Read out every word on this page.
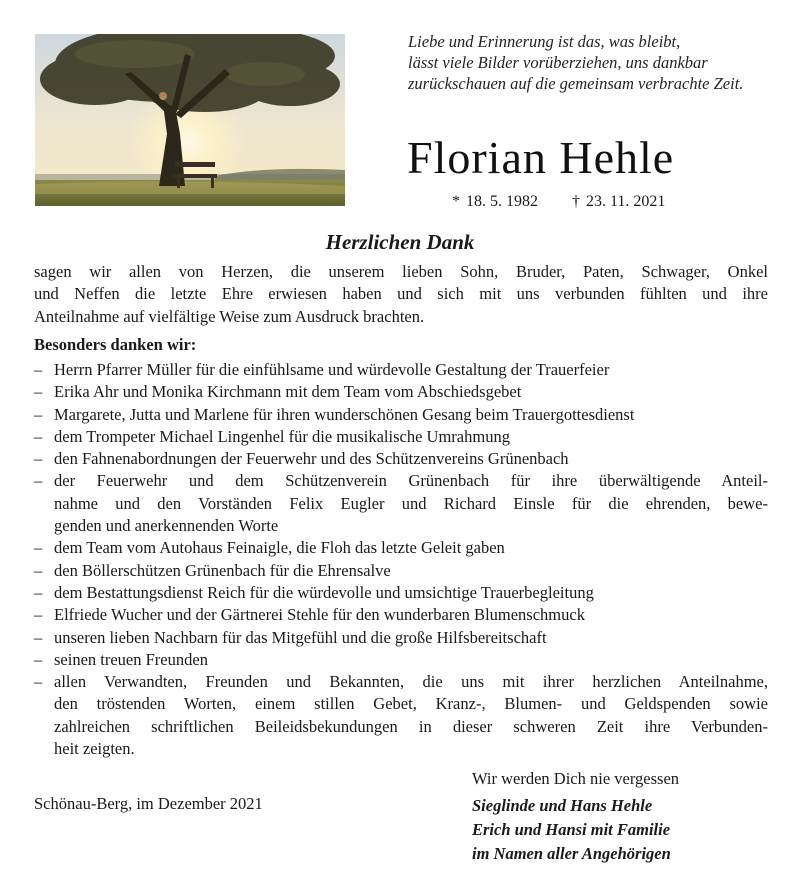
Liebe und Erinnerung ist das, was bleibt,
lässt viele Bilder vorüberziehen, uns dankbar
zurückschauen auf die gemeinsam verbrachte Zeit.
Florian Hehle
* 18. 5. 1982 † 23. 11. 2021
Herzlichen Dank
sagen wir allen von Herzen, die unserem lieben Sohn, Bruder, Paten, Schwager, Onkel
und Neffen die letzte Ehre erwiesen haben und sich mit uns verbunden fühlten und ihre
Anteilnahme auf vielfältige Weise zum Ausdruck brachten.
Besonders danken wir:
– Herrn Pfarrer Müller für die einfühlsame und würdevolle Gestaltung der Trauerfeier
– Erika Ahr und Monika Kirchmann mit dem Team vom Abschiedsgebet
– Margarete, Jutta und Marlene für ihren wunderschönen Gesang beim Trauergottesdienst
– dem Trompeter Michael Lingenhel für die musikalische Umrahmung
– den Fahnenabordnungen der Feuerwehr und des Schützenvereins Grünenbach
– der Feuerwehr und dem Schützenverein Grünenbach für ihre überwältigende Anteil-
nahme und den Vorständen Felix Eugler und Richard Einsle für die ehrenden, bewe-
genden und anerkennenden Worte
– dem Team vom Autohaus Feinaigle, die Floh das letzte Geleit gaben
– den Böllerschützen Grünenbach für die Ehrensalve
– dem Bestattungsdienst Reich für die würdevolle und umsichtige Trauerbegleitung
– Elfriede Wucher und der Gärtnerei Stehle für den wunderbaren Blumenschmuck
– unseren lieben Nachbarn für das Mitgefühl und die große Hilfsbereitschaft
– seinen treuen Freunden
– allen Verwandten, Freunden und Bekannten, die uns mit ihrer herzlichen Anteilnahme,
den tröstenden Worten, einem stillen Gebet, Kranz-, Blumen- und Geldspenden sowie
zahlreichen schriftlichen Beileidsbekundungen in dieser schweren Zeit ihre Verbunden-
heit zeigten.
Wir werden Dich nie vergessen
Schönau-Berg, im Dezember 2021	Sieglinde und Hans Hehle
Erich und Hansi mit Familie
im Namen aller Angehörigen
